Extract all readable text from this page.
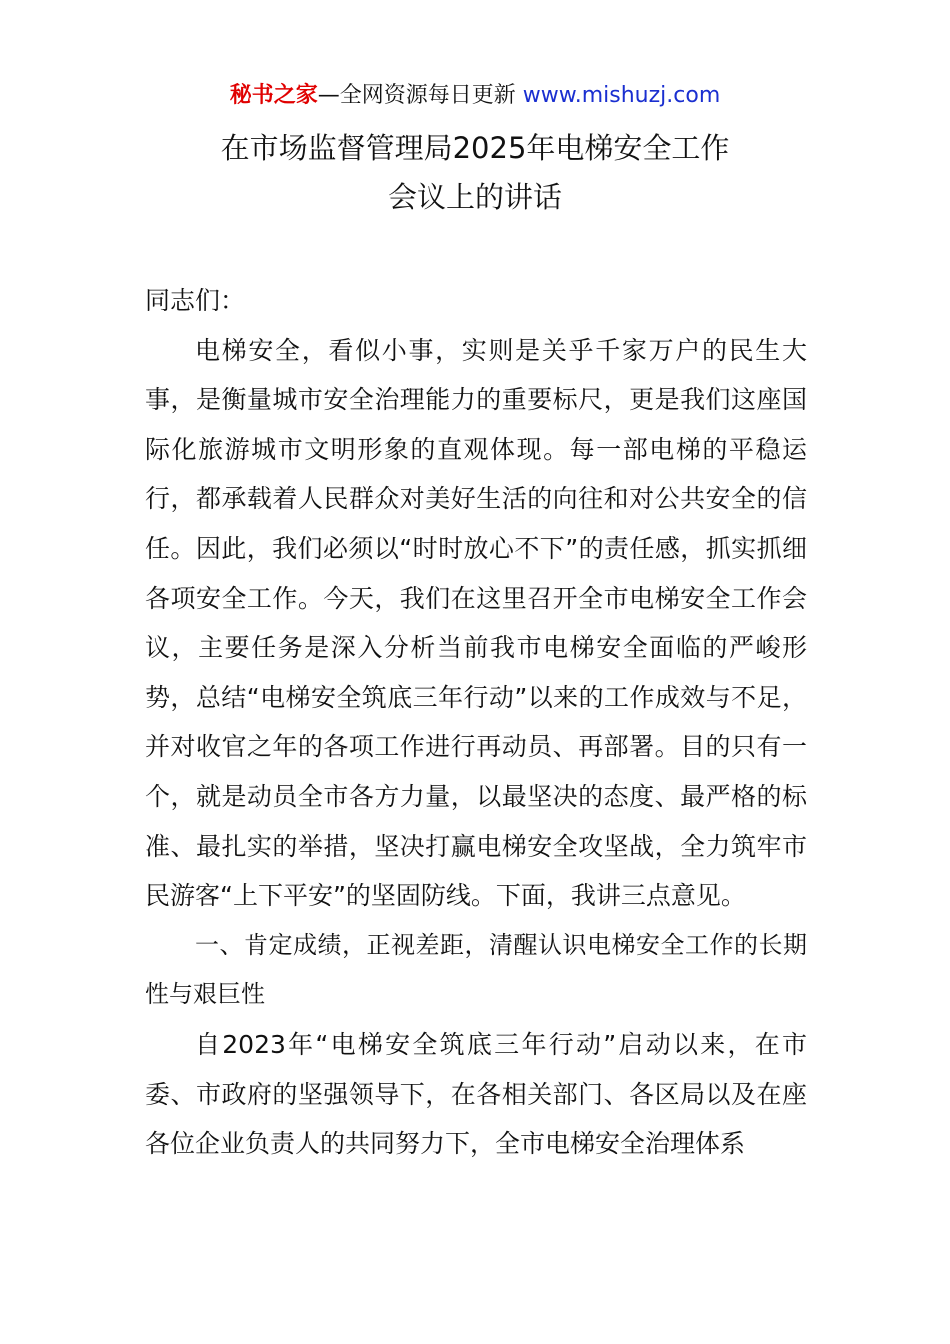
秘书之家—全网资源每日更新 www.mishuzj.com
在市场监督管理局2025年电梯安全工作
会议上的讲话

同志们：

电梯安全，看似小事，实则是关乎千家万户的民生大事，是衡量城市安全治理能力的重要标尺，更是我们这座国际化旅游城市文明形象的直观体现。每一部电梯的平稳运行，都承载着人民群众对美好生活的向往和对公共安全的信任。因此，我们必须以“时时放心不下”的责任感，抓实抓细各项安全工作。今天，我们在这里召开全市电梯安全工作会议，主要任务是深入分析当前我市电梯安全面临的严峻形势，总结“电梯安全筑底三年行动”以来的工作成效与不足，并对收官之年的各项工作进行再动员、再部署。目的只有一个，就是动员全市各方力量，以最坚决的态度、最严格的标准、最扎实的举措，坚决打赢电梯安全攻坚战，全力筑牢市民游客“上下平安”的坚固防线。下面，我讲三点意见。

一、肯定成绩，正视差距，清醒认识电梯安全工作的长期性与艰巨性

自2023年“电梯安全筑底三年行动”启动以来，在市委、市政府的坚强领导下，在各相关部门、各区局以及在座各位企业负责人的共同努力下，全市电梯安全治理体系
